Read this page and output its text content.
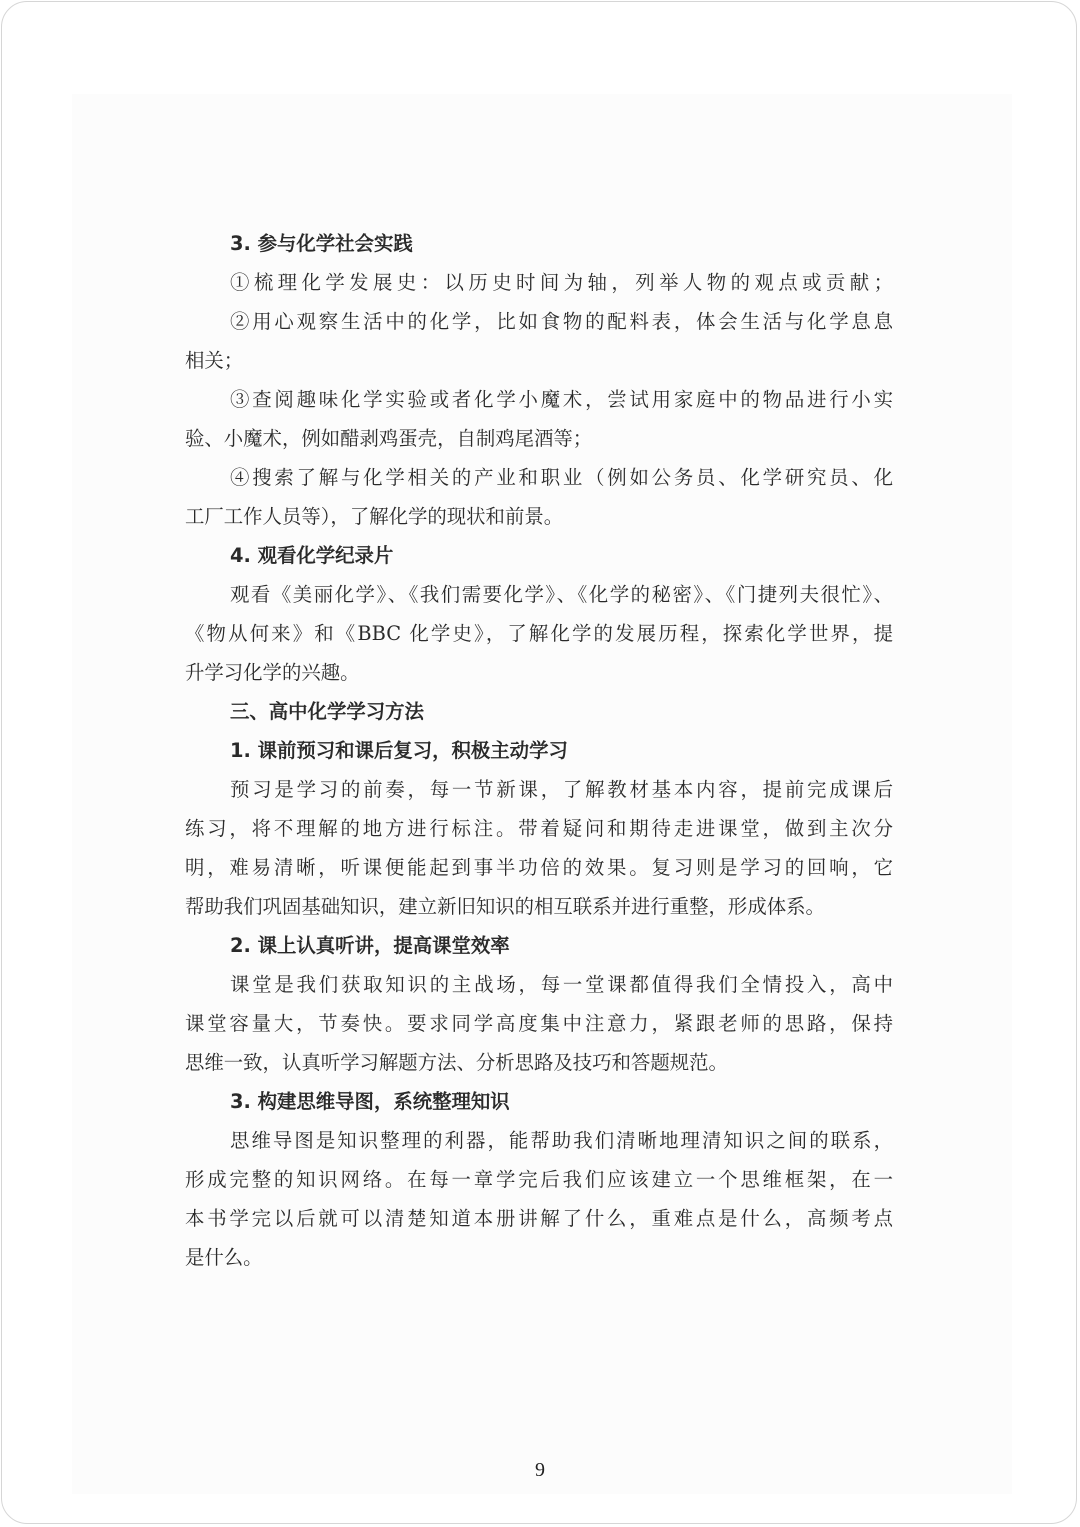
3. 参与化学社会实践

①梳理化学发展史：以历史时间为轴，列举人物的观点或贡献；

②用心观察生活中的化学，比如食物的配料表，体会生活与化学息息

相关；

③查阅趣味化学实验或者化学小魔术，尝试用家庭中的物品进行小实

验、小魔术，例如醋剥鸡蛋壳，自制鸡尾酒等；

④搜索了解与化学相关的产业和职业（例如公务员、化学研究员、化

工厂工作人员等），了解化学的现状和前景。

4. 观看化学纪录片

观看《美丽化学》、《我们需要化学》、《化学的秘密》、《门捷列夫很忙》、

《物从何来》和《BBC 化学史》，了解化学的发展历程，探索化学世界，提

升学习化学的兴趣。

三、高中化学学习方法

1. 课前预习和课后复习，积极主动学习

预习是学习的前奏，每一节新课，了解教材基本内容，提前完成课后

练习，将不理解的地方进行标注。带着疑问和期待走进课堂，做到主次分

明，难易清晰，听课便能起到事半功倍的效果。复习则是学习的回响，它

帮助我们巩固基础知识，建立新旧知识的相互联系并进行重整，形成体系。

2. 课上认真听讲，提高课堂效率

课堂是我们获取知识的主战场，每一堂课都值得我们全情投入，高中

课堂容量大，节奏快。要求同学高度集中注意力，紧跟老师的思路，保持

思维一致，认真听学习解题方法、分析思路及技巧和答题规范。

3. 构建思维导图，系统整理知识

思维导图是知识整理的利器，能帮助我们清晰地理清知识之间的联系，

形成完整的知识网络。在每一章学完后我们应该建立一个思维框架，在一

本书学完以后就可以清楚知道本册讲解了什么，重难点是什么，高频考点

是什么。

9
